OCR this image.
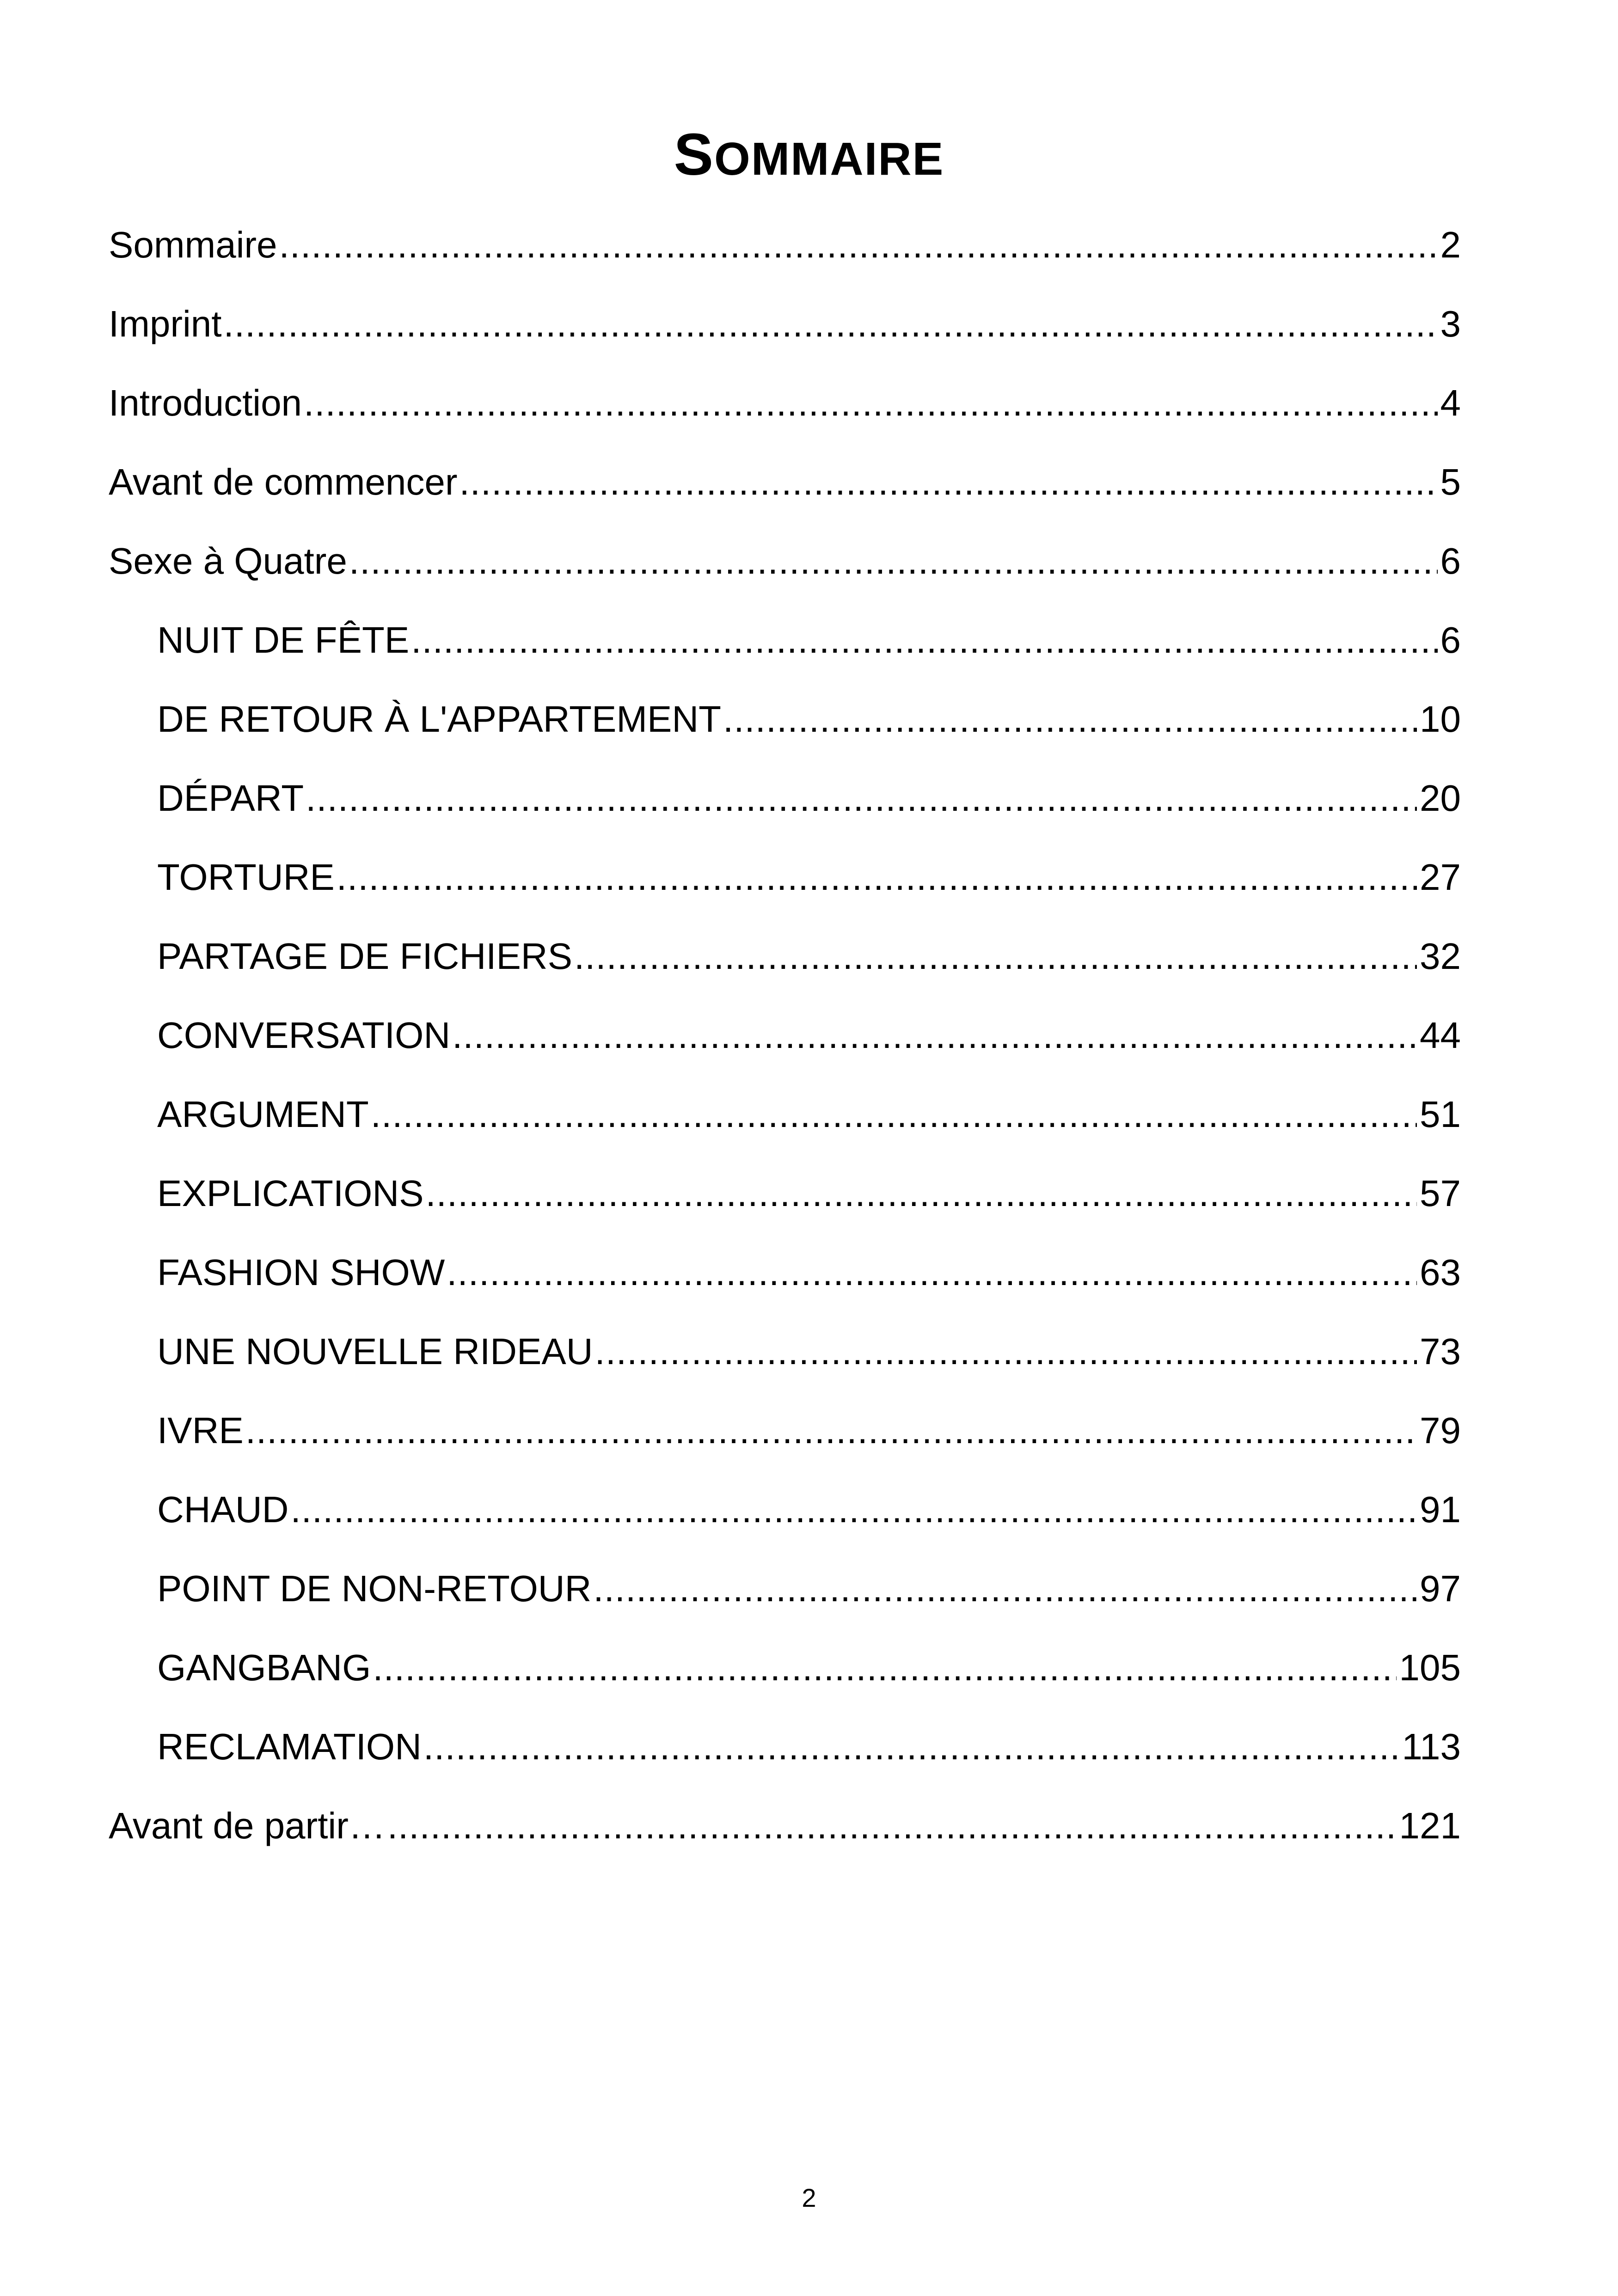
SOMMAIRE
Sommaire .....	2
Imprint .....	3
Introduction .....	4
Avant de commencer .....	5
Sexe à Quatre .....	6
NUIT DE FÊTE .....	6
DE RETOUR À L'APPARTEMENT .....	10
DÉPART .....	20
TORTURE .....	27
PARTAGE DE FICHIERS .....	32
CONVERSATION .....	44
ARGUMENT .....	51
EXPLICATIONS .....	57
FASHION SHOW .....	63
UNE NOUVELLE RIDEAU .....	73
IVRE .....	79
CHAUD .....	91
POINT DE NON-RETOUR .....	97
GANGBANG .....	105
RECLAMATION .....	113
Avant de partir… .....	121
2
